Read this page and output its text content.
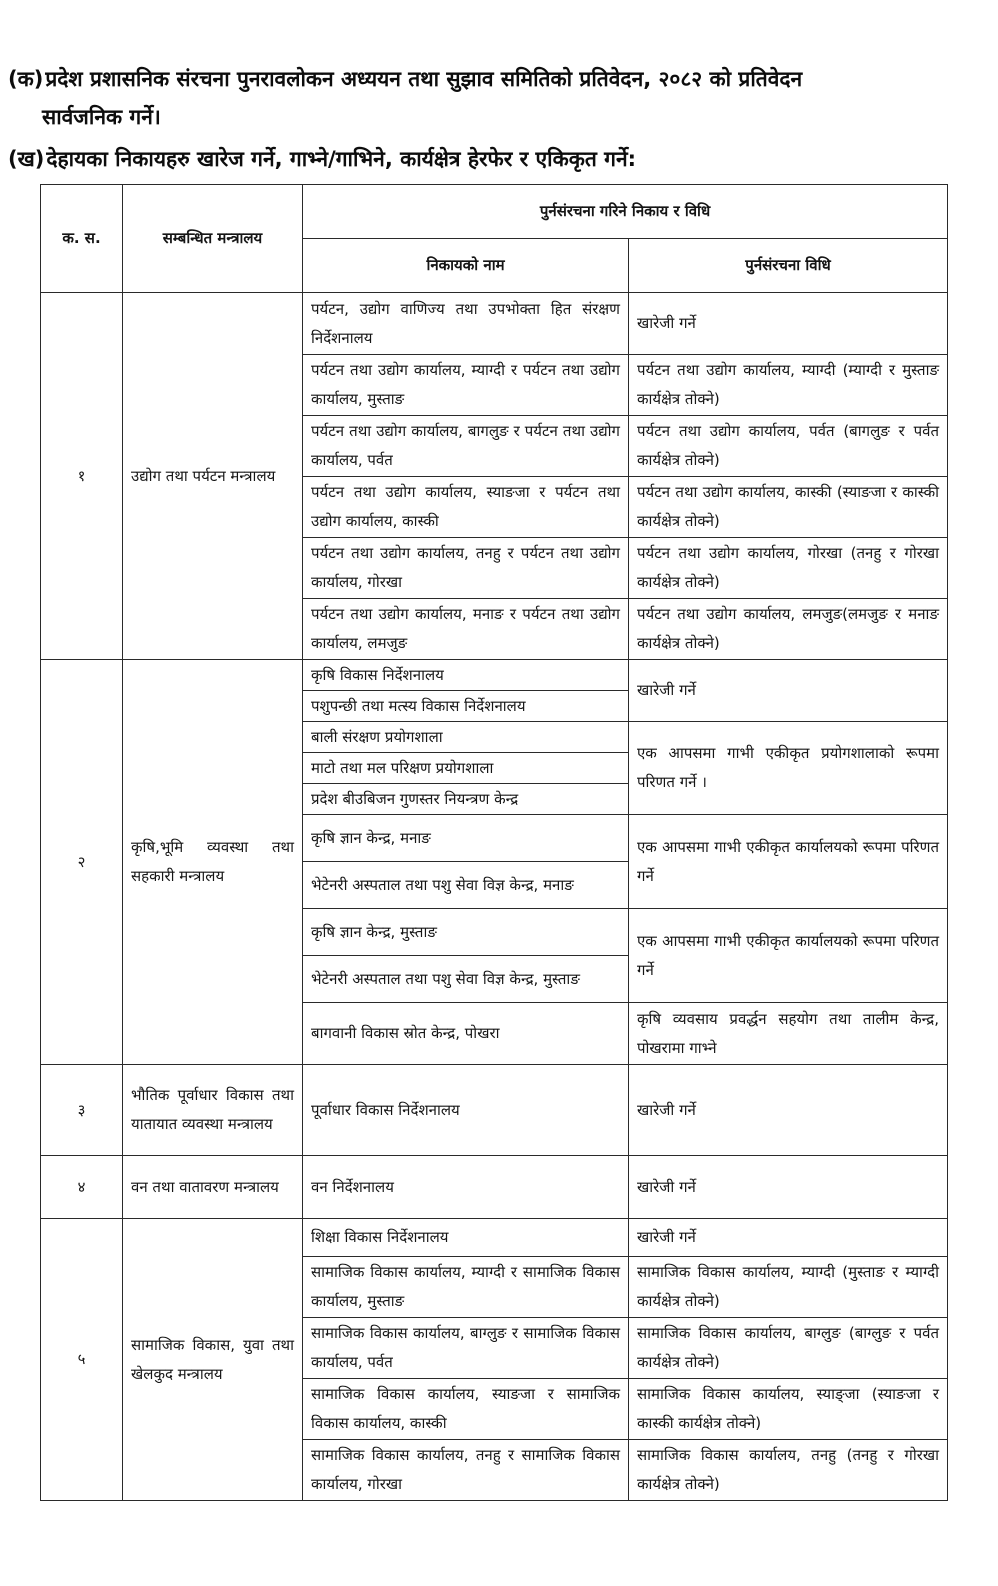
(क)प्रदेश प्रशासनिक संरचना पुनरावलोकन अध्ययन तथा सुझाव समितिको प्रतिवेदन, २०८२ को प्रतिवेदन
सार्वजनिक गर्ने।
(ख)देहायका निकायहरु खारेज गर्ने, गाभ्ने/गाभिने, कार्यक्षेत्र हेरफेर र एकिकृत गर्ने:
क. स.	सम्बन्धित मन्त्रालय	पुर्नसंरचना गरिने निकाय र विधि	
		निकायको नाम	पुर्नसंरचना विधि
१	उद्योग तथा पर्यटन मन्त्रालय	पर्यटन, उद्योग वाणिज्य तथा उपभोक्ता हित संरक्षण निर्देशनालय	खारेजी गर्ने
		पर्यटन तथा उद्योग कार्यालय, म्याग्दी र पर्यटन तथा उद्योग कार्यालय, मुस्ताङ	पर्यटन तथा उद्योग कार्यालय, म्याग्दी (म्याग्दी र मुस्ताङ कार्यक्षेत्र तोक्ने)
		पर्यटन तथा उद्योग कार्यालय, बागलुङ र पर्यटन तथा उद्योग कार्यालय, पर्वत	पर्यटन तथा उद्योग कार्यालय, पर्वत (बागलुङ र पर्वत कार्यक्षेत्र तोक्ने)
		पर्यटन तथा उद्योग कार्यालय, स्याङजा र पर्यटन तथा उद्योग कार्यालय, कास्की	पर्यटन तथा उद्योग कार्यालय, कास्की (स्याङजा र कास्की कार्यक्षेत्र तोक्ने)
		पर्यटन तथा उद्योग कार्यालय, तनहु र पर्यटन तथा उद्योग कार्यालय, गोरखा	पर्यटन तथा उद्योग कार्यालय, गोरखा (तनहु र गोरखा कार्यक्षेत्र तोक्ने)
		पर्यटन तथा उद्योग कार्यालय, मनाङ र पर्यटन तथा उद्योग कार्यालय, लमजुङ	पर्यटन तथा उद्योग कार्यालय, लमजुङ(लमजुङ र मनाङ कार्यक्षेत्र तोक्ने)
२	कृषि,भूमि व्यवस्था तथा सहकारी मन्त्रालय	कृषि विकास निर्देशनालय	खारेजी गर्ने
		पशुपन्छी तथा मत्स्य विकास निर्देशनालय	
		बाली संरक्षण प्रयोगशाला	एक आपसमा गाभी एकीकृत प्रयोगशालाको रूपमा परिणत गर्ने ।
		माटो तथा मल परिक्षण प्रयोगशाला	
		प्रदेश बीउबिजन गुणस्तर नियन्त्रण केन्द्र	
		कृषि ज्ञान केन्द्र, मनाङ	एक आपसमा गाभी एकीकृत कार्यालयको रूपमा परिणत गर्ने
		भेटेनरी अस्पताल तथा पशु सेवा विज्ञ केन्द्र, मनाङ	
		कृषि ज्ञान केन्द्र, मुस्ताङ	एक आपसमा गाभी एकीकृत कार्यालयको रूपमा परिणत गर्ने
		भेटेनरी अस्पताल तथा पशु सेवा विज्ञ केन्द्र, मुस्ताङ	
		बागवानी विकास स्रोत केन्द्र, पोखरा	कृषि व्यवसाय प्रवर्द्धन सहयोग तथा तालीम केन्द्र, पोखरामा गाभ्ने
३	भौतिक पूर्वाधार विकास तथा यातायात व्यवस्था मन्त्रालय	पूर्वाधार विकास निर्देशनालय	खारेजी गर्ने
४	वन तथा वातावरण मन्त्रालय	वन निर्देशनालय	खारेजी गर्ने
५	सामाजिक विकास, युवा तथा खेलकुद मन्त्रालय	शिक्षा विकास निर्देशनालय	खारेजी गर्ने
		सामाजिक विकास कार्यालय, म्याग्दी र सामाजिक विकास कार्यालय, मुस्ताङ	सामाजिक विकास कार्यालय, म्याग्दी (मुस्ताङ र म्याग्दी कार्यक्षेत्र तोक्ने)
		सामाजिक विकास कार्यालय, बाग्लुङ र सामाजिक विकास कार्यालय, पर्वत	सामाजिक विकास कार्यालय, बाग्लुङ (बाग्लुङ र पर्वत कार्यक्षेत्र तोक्ने)
		सामाजिक विकास कार्यालय, स्याङजा र सामाजिक विकास कार्यालय, कास्की	सामाजिक विकास कार्यालय, स्याङ्जा (स्याङजा र कास्की कार्यक्षेत्र तोक्ने)
		सामाजिक विकास कार्यालय, तनहु र सामाजिक विकास कार्यालय, गोरखा	सामाजिक विकास कार्यालय, तनहु (तनहु र गोरखा कार्यक्षेत्र तोक्ने)
